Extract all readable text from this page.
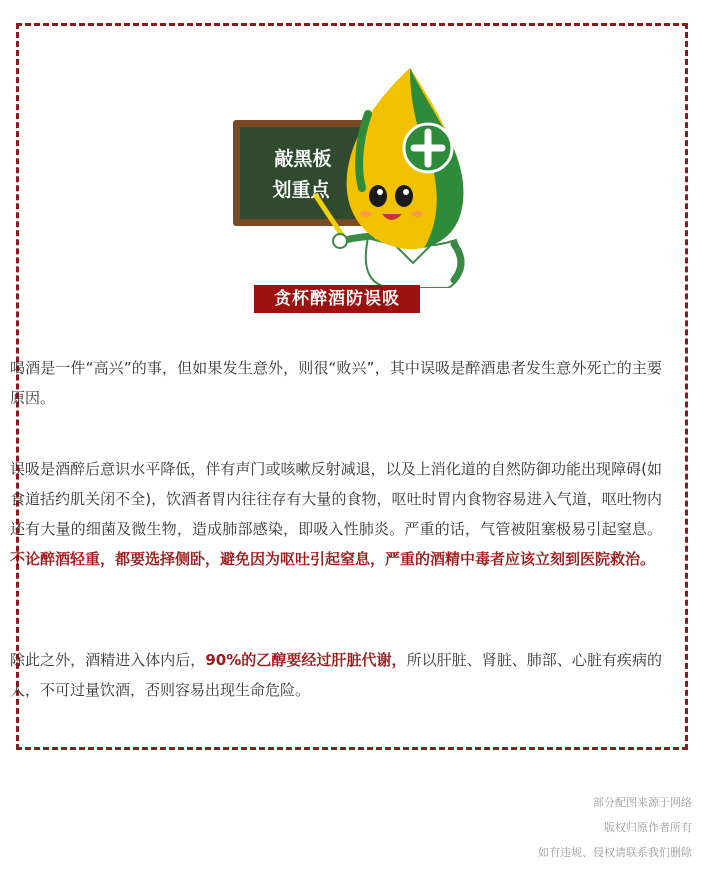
敲黑板
划重点
贪杯醉酒防误吸

喝酒是一件“高兴”的事，但如果发生意外，则很“败兴”，其中误吸是醉酒患者发生意外死亡的主要原因。

误吸是酒醉后意识水平降低，伴有声门或咳嗽反射减退，以及上消化道的自然防御功能出现障碍(如食道括约肌关闭不全)，饮酒者胃内往往存有大量的食物，呕吐时胃内食物容易进入气道，呕吐物内还有大量的细菌及微生物，造成肺部感染，即吸入性肺炎。严重的话，气管被阻塞极易引起窒息。不论醉酒轻重，都要选择侧卧，避免因为呕吐引起窒息，严重的酒精中毒者应该立刻到医院救治。

除此之外，酒精进入体内后，90%的乙醇要经过肝脏代谢，所以肝脏、肾脏、肺部、心脏有疾病的人，不可过量饮酒，否则容易出现生命危险。

部分配图来源于网络
版权归原作者所有
如有违规、侵权请联系我们删除
